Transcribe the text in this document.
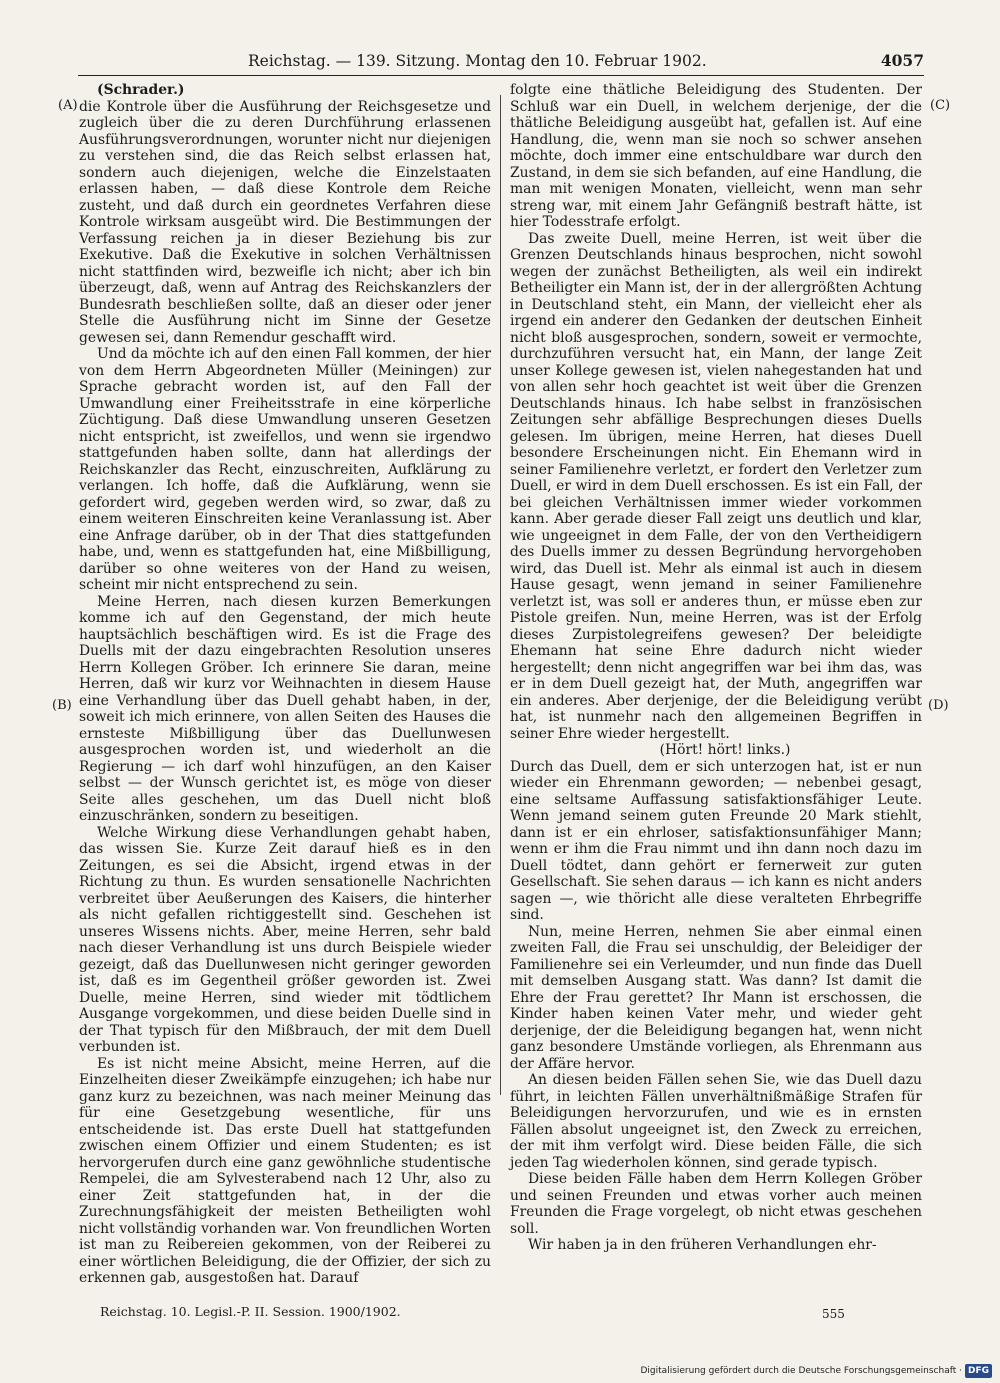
Reichstag. — 139. Sitzung. Montag den 10. Februar 1902.	4057
(A)
(B)
(C)
(D)

(Schrader.)

die Kontrole über die Ausführung der Reichsgesetze und zugleich über die zu deren Durchführung erlassenen Ausführungsverordnungen, worunter nicht nur diejenigen zu verstehen sind, die das Reich selbst erlassen hat, sondern auch diejenigen, welche die Einzelstaaten erlassen haben, — daß diese Kontrole dem Reiche zusteht, und daß durch ein geordnetes Verfahren diese Kontrole wirksam ausgeübt wird. Die Bestimmungen der Verfassung reichen ja in dieser Beziehung bis zur Exekutive. Daß die Exekutive in solchen Verhältnissen nicht stattfinden wird, bezweifle ich nicht; aber ich bin überzeugt, daß, wenn auf Antrag des Reichskanzlers der Bundesrath beschließen sollte, daß an dieser oder jener Stelle die Ausführung nicht im Sinne der Gesetze gewesen sei, dann Remendur geschafft wird.

Und da möchte ich auf den einen Fall kommen, der hier von dem Herrn Abgeordneten Müller (Meiningen) zur Sprache gebracht worden ist, auf den Fall der Umwandlung einer Freiheitsstrafe in eine körperliche Züchtigung. Daß diese Umwandlung unseren Gesetzen nicht entspricht, ist zweifellos, und wenn sie irgendwo stattgefunden haben sollte, dann hat allerdings der Reichskanzler das Recht, einzuschreiten, Aufklärung zu verlangen. Ich hoffe, daß die Aufklärung, wenn sie gefordert wird, gegeben werden wird, so zwar, daß zu einem weiteren Einschreiten keine Veranlassung ist. Aber eine Anfrage darüber, ob in der That dies stattgefunden habe, und, wenn es stattgefunden hat, eine Mißbilligung, darüber so ohne weiteres von der Hand zu weisen, scheint mir nicht entsprechend zu sein.

Meine Herren, nach diesen kurzen Bemerkungen komme ich auf den Gegenstand, der mich heute hauptsächlich beschäftigen wird. Es ist die Frage des Duells mit der dazu eingebrachten Resolution unseres Herrn Kollegen Gröber. Ich erinnere Sie daran, meine Herren, daß wir kurz vor Weihnachten in diesem Hause eine Verhandlung über das Duell gehabt haben, in der, soweit ich mich erinnere, von allen Seiten des Hauses die ernsteste Mißbilligung über das Duellunwesen ausgesprochen worden ist, und wiederholt an die Regierung — ich darf wohl hinzufügen, an den Kaiser selbst — der Wunsch gerichtet ist, es möge von dieser Seite alles geschehen, um das Duell nicht bloß einzuschränken, sondern zu beseitigen.

Welche Wirkung diese Verhandlungen gehabt haben, das wissen Sie. Kurze Zeit darauf hieß es in den Zeitungen, es sei die Absicht, irgend etwas in der Richtung zu thun. Es wurden sensationelle Nachrichten verbreitet über Aeußerungen des Kaisers, die hinterher als nicht gefallen richtiggestellt sind. Geschehen ist unseres Wissens nichts. Aber, meine Herren, sehr bald nach dieser Verhandlung ist uns durch Beispiele wieder gezeigt, daß das Duellunwesen nicht geringer geworden ist, daß es im Gegentheil größer geworden ist. Zwei Duelle, meine Herren, sind wieder mit tödtlichem Ausgange vorgekommen, und diese beiden Duelle sind in der That typisch für den Mißbrauch, der mit dem Duell verbunden ist.

Es ist nicht meine Absicht, meine Herren, auf die Einzelheiten dieser Zweikämpfe einzugehen; ich habe nur ganz kurz zu bezeichnen, was nach meiner Meinung das für eine Gesetzgebung wesentliche, für uns entscheidende ist. Das erste Duell hat stattgefunden zwischen einem Offizier und einem Studenten; es ist hervorgerufen durch eine ganz gewöhnliche studentische Rempelei, die am Sylvesterabend nach 12 Uhr, also zu einer Zeit stattgefunden hat, in der die Zurechnungsfähigkeit der meisten Betheiligten wohl nicht vollständig vorhanden war. Von freundlichen Worten ist man zu Reibereien gekommen, von der Reiberei zu einer wörtlichen Beleidigung, die der Offizier, der sich zu erkennen gab, ausgestoßen hat. Darauf

folgte eine thätliche Beleidigung des Studenten. Der Schluß war ein Duell, in welchem derjenige, der die thätliche Beleidigung ausgeübt hat, gefallen ist. Auf eine Handlung, die, wenn man sie noch so schwer ansehen möchte, doch immer eine entschuldbare war durch den Zustand, in dem sie sich befanden, auf eine Handlung, die man mit wenigen Monaten, vielleicht, wenn man sehr streng war, mit einem Jahr Gefängniß bestraft hätte, ist hier Todesstrafe erfolgt.

Das zweite Duell, meine Herren, ist weit über die Grenzen Deutschlands hinaus besprochen, nicht sowohl wegen der zunächst Betheiligten, als weil ein indirekt Betheiligter ein Mann ist, der in der allergrößten Achtung in Deutschland steht, ein Mann, der vielleicht eher als irgend ein anderer den Gedanken der deutschen Einheit nicht bloß ausgesprochen, sondern, soweit er vermochte, durchzuführen versucht hat, ein Mann, der lange Zeit unser Kollege gewesen ist, vielen nahegestanden hat und von allen sehr hoch geachtet ist weit über die Grenzen Deutschlands hinaus. Ich habe selbst in französischen Zeitungen sehr abfällige Besprechungen dieses Duells gelesen. Im übrigen, meine Herren, hat dieses Duell besondere Erscheinungen nicht. Ein Ehemann wird in seiner Familienehre verletzt, er fordert den Verletzer zum Duell, er wird in dem Duell erschossen. Es ist ein Fall, der bei gleichen Verhältnissen immer wieder vorkommen kann. Aber gerade dieser Fall zeigt uns deutlich und klar, wie ungeeignet in dem Falle, der von den Vertheidigern des Duells immer zu dessen Begründung hervorgehoben wird, das Duell ist. Mehr als einmal ist auch in diesem Hause gesagt, wenn jemand in seiner Familienehre verletzt ist, was soll er anderes thun, er müsse eben zur Pistole greifen. Nun, meine Herren, was ist der Erfolg dieses Zurpistolegreifens gewesen? Der beleidigte Ehemann hat seine Ehre dadurch nicht wieder hergestellt; denn nicht angegriffen war bei ihm das, was er in dem Duell gezeigt hat, der Muth, angegriffen war ein anderes. Aber derjenige, der die Beleidigung verübt hat, ist nunmehr nach den allgemeinen Begriffen in seiner Ehre wieder hergestellt.

(Hört! hört! links.)

Durch das Duell, dem er sich unterzogen hat, ist er nun wieder ein Ehrenmann geworden; — nebenbei gesagt, eine seltsame Auffassung satisfaktionsfähiger Leute. Wenn jemand seinem guten Freunde 20 Mark stiehlt, dann ist er ein ehrloser, satisfaktionsunfähiger Mann; wenn er ihm die Frau nimmt und ihn dann noch dazu im Duell tödtet, dann gehört er fernerweit zur guten Gesellschaft. Sie sehen daraus — ich kann es nicht anders sagen —, wie thöricht alle diese veralteten Ehrbegriffe sind.

Nun, meine Herren, nehmen Sie aber einmal einen zweiten Fall, die Frau sei unschuldig, der Beleidiger der Familienehre sei ein Verleumder, und nun finde das Duell mit demselben Ausgang statt. Was dann? Ist damit die Ehre der Frau gerettet? Ihr Mann ist erschossen, die Kinder haben keinen Vater mehr, und wieder geht derjenige, der die Beleidigung begangen hat, wenn nicht ganz besondere Umstände vorliegen, als Ehrenmann aus der Affäre hervor.

An diesen beiden Fällen sehen Sie, wie das Duell dazu führt, in leichten Fällen unverhältnißmäßige Strafen für Beleidigungen hervorzurufen, und wie es in ernsten Fällen absolut ungeeignet ist, den Zweck zu erreichen, der mit ihm verfolgt wird. Diese beiden Fälle, die sich jeden Tag wiederholen können, sind gerade typisch.

Diese beiden Fälle haben dem Herrn Kollegen Gröber und seinen Freunden und etwas vorher auch meinen Freunden die Frage vorgelegt, ob nicht etwas geschehen soll.

Wir haben ja in den früheren Verhandlungen ehr-

Reichstag. 10. Legisl.-P. II. Session. 1900/1902.	555
Digitalisierung gefördert durch die Deutsche Forschungsgemeinschaft · DFG
